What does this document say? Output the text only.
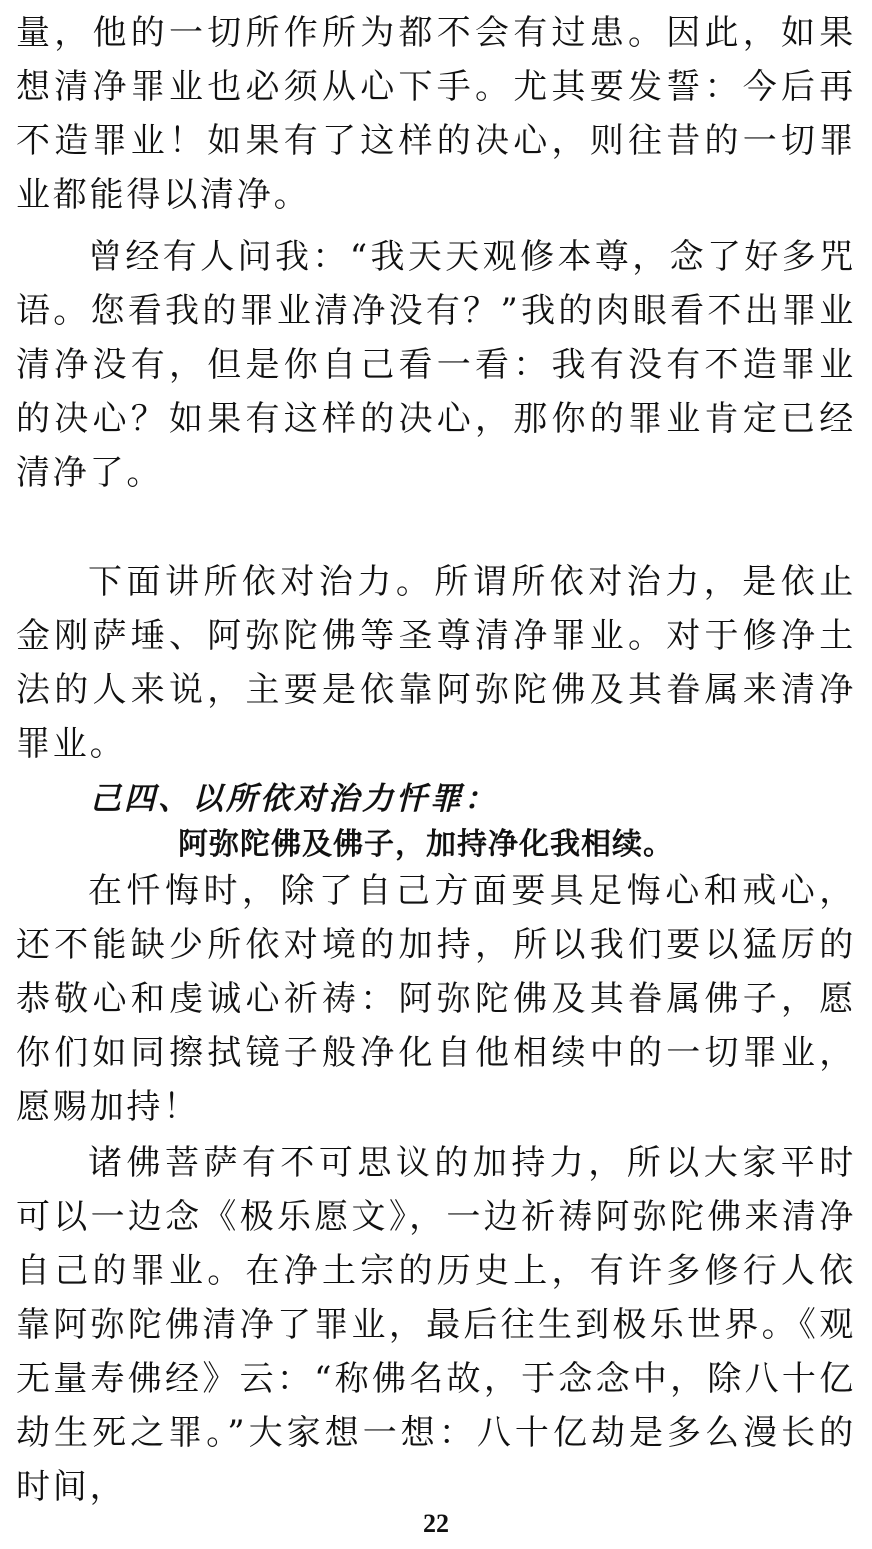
量，他的一切所作所为都不会有过患。因此，如果想清净罪业也必须从心下手。尤其要发誓：今后再不造罪业！如果有了这样的决心，则往昔的一切罪业都能得以清净。

曾经有人问我：“我天天观修本尊，念了好多咒语。您看我的罪业清净没有？”我的肉眼看不出罪业清净没有，但是你自己看一看：我有没有不造罪业的决心？如果有这样的决心，那你的罪业肯定已经清净了。

下面讲所依对治力。所谓所依对治力，是依止金刚萨埵、阿弥陀佛等圣尊清净罪业。对于修净土法的人来说，主要是依靠阿弥陀佛及其眷属来清净罪业。

己四、以所依对治力忏罪：
阿弥陀佛及佛子，加持净化我相续。

在忏悔时，除了自己方面要具足悔心和戒心，还不能缺少所依对境的加持，所以我们要以猛厉的恭敬心和虔诚心祈祷：阿弥陀佛及其眷属佛子，愿你们如同擦拭镜子般净化自他相续中的一切罪业，愿赐加持！

诸佛菩萨有不可思议的加持力，所以大家平时可以一边念《极乐愿文》，一边祈祷阿弥陀佛来清净自己的罪业。在净土宗的历史上，有许多修行人依靠阿弥陀佛清净了罪业，最后往生到极乐世界。《观无量寿佛经》云：“称佛名故，于念念中，除八十亿劫生死之罪。”大家想一想：八十亿劫是多么漫长的时间，

22
